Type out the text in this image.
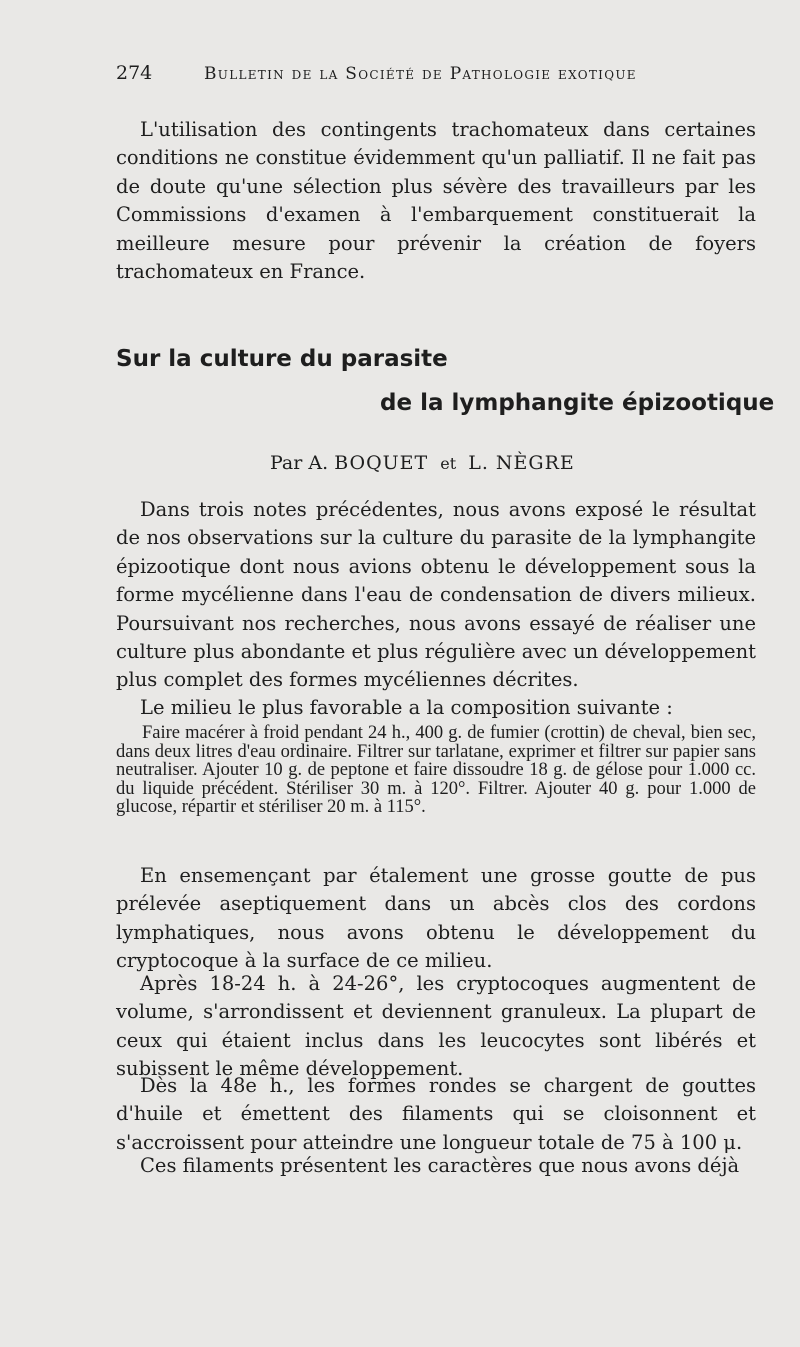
274	Bulletin de la Société de Pathologie exotique

L'utilisation des contingents trachomateux dans certaines conditions ne constitue évidemment qu'un palliatif. Il ne fait pas de doute qu'une sélection plus sévère des travailleurs par les Commissions d'examen à l'embarquement constituerait la meilleure mesure pour prévenir la création de foyers trachomateux en France.

Sur la culture du parasite
de la lymphangite épizootique
Par A. BOQUET et L. NÈGRE

Dans trois notes précédentes, nous avons exposé le résultat de nos observations sur la culture du parasite de la lymphangite épizootique dont nous avions obtenu le développement sous la forme mycélienne dans l'eau de condensation de divers milieux. Poursuivant nos recherches, nous avons essayé de réaliser une culture plus abondante et plus régulière avec un développement plus complet des formes mycéliennes décrites.

Le milieu le plus favorable a la composition suivante :

Faire macérer à froid pendant 24 h., 400 g. de fumier (crottin) de cheval, bien sec, dans deux litres d'eau ordinaire. Filtrer sur tarlatane, exprimer et filtrer sur papier sans neutraliser. Ajouter 10 g. de peptone et faire dissoudre 18 g. de gélose pour 1.000 cc. du liquide précédent. Stériliser 30 m. à 120°. Filtrer. Ajouter 40 g. pour 1.000 de glucose, répartir et stériliser 20 m. à 115°.

En ensemençant par étalement une grosse goutte de pus prélevée aseptiquement dans un abcès clos des cordons lymphatiques, nous avons obtenu le développement du cryptocoque à la surface de ce milieu.

Après 18-24 h. à 24-26°, les cryptocoques augmentent de volume, s'arrondissent et deviennent granuleux. La plupart de ceux qui étaient inclus dans les leucocytes sont libérés et subissent le même développement.

Dès la 48e h., les formes rondes se chargent de gouttes d'huile et émettent des filaments qui se cloisonnent et s'accroissent pour atteindre une longueur totale de 75 à 100 μ.

Ces filaments présentent les caractères que nous avons déjà
